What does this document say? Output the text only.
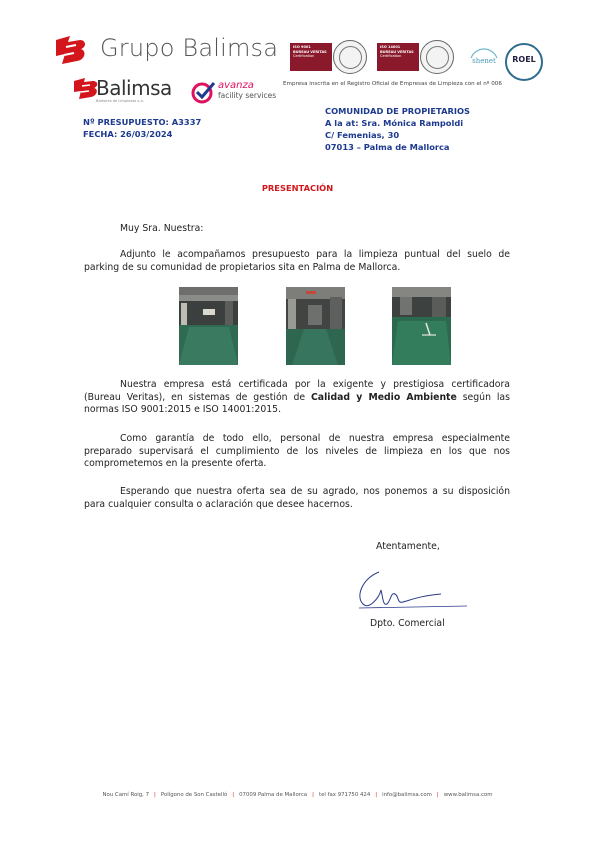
Grupo Balimsa
Balimsa
Baleares de Limpiezas s.a.
avanza
facility services
ISO 9001
BUREAU VERITAS
Certification
ISO 14001
BUREAU VERITAS
Certification
shenet	ROEL
Empresa inscrita en el Registro Oficial de Empresas de Limpieza con el nº 006
Nº PRESUPUESTO: A3337
FECHA: 26/03/2024
COMUNIDAD DE PROPIETARIOS
A la at: Sra. Mónica Rampoldi
C/ Femenias, 30
07013 – Palma de Mallorca
PRESENTACIÓN
Muy Sra. Nuestra:
Adjunto le acompañamos presupuesto para la limpieza puntual del suelo de parking de su comunidad de propietarios sita en Palma de Mallorca.
Nuestra empresa está certificada por la exigente y prestigiosa certificadora (Bureau Veritas), en sistemas de gestión de Calidad y Medio Ambiente según las normas ISO 9001:2015 e ISO 14001:2015.
Como garantía de todo ello, personal de nuestra empresa especialmente preparado supervisará el cumplimiento de los niveles de limpieza en los que nos comprometemos en la presente oferta.
Esperando que nuestra oferta sea de su agrado, nos ponemos a su disposición para cualquier consulta o aclaración que desee hacernos.
Atentamente,
Dpto. Comercial
Nou Camí Roig, 7 | Polígono de Son Castelló | 07009 Palma de Mallorca | tel fax 971750 424 | info@balimsa.com | www.balimsa.com
